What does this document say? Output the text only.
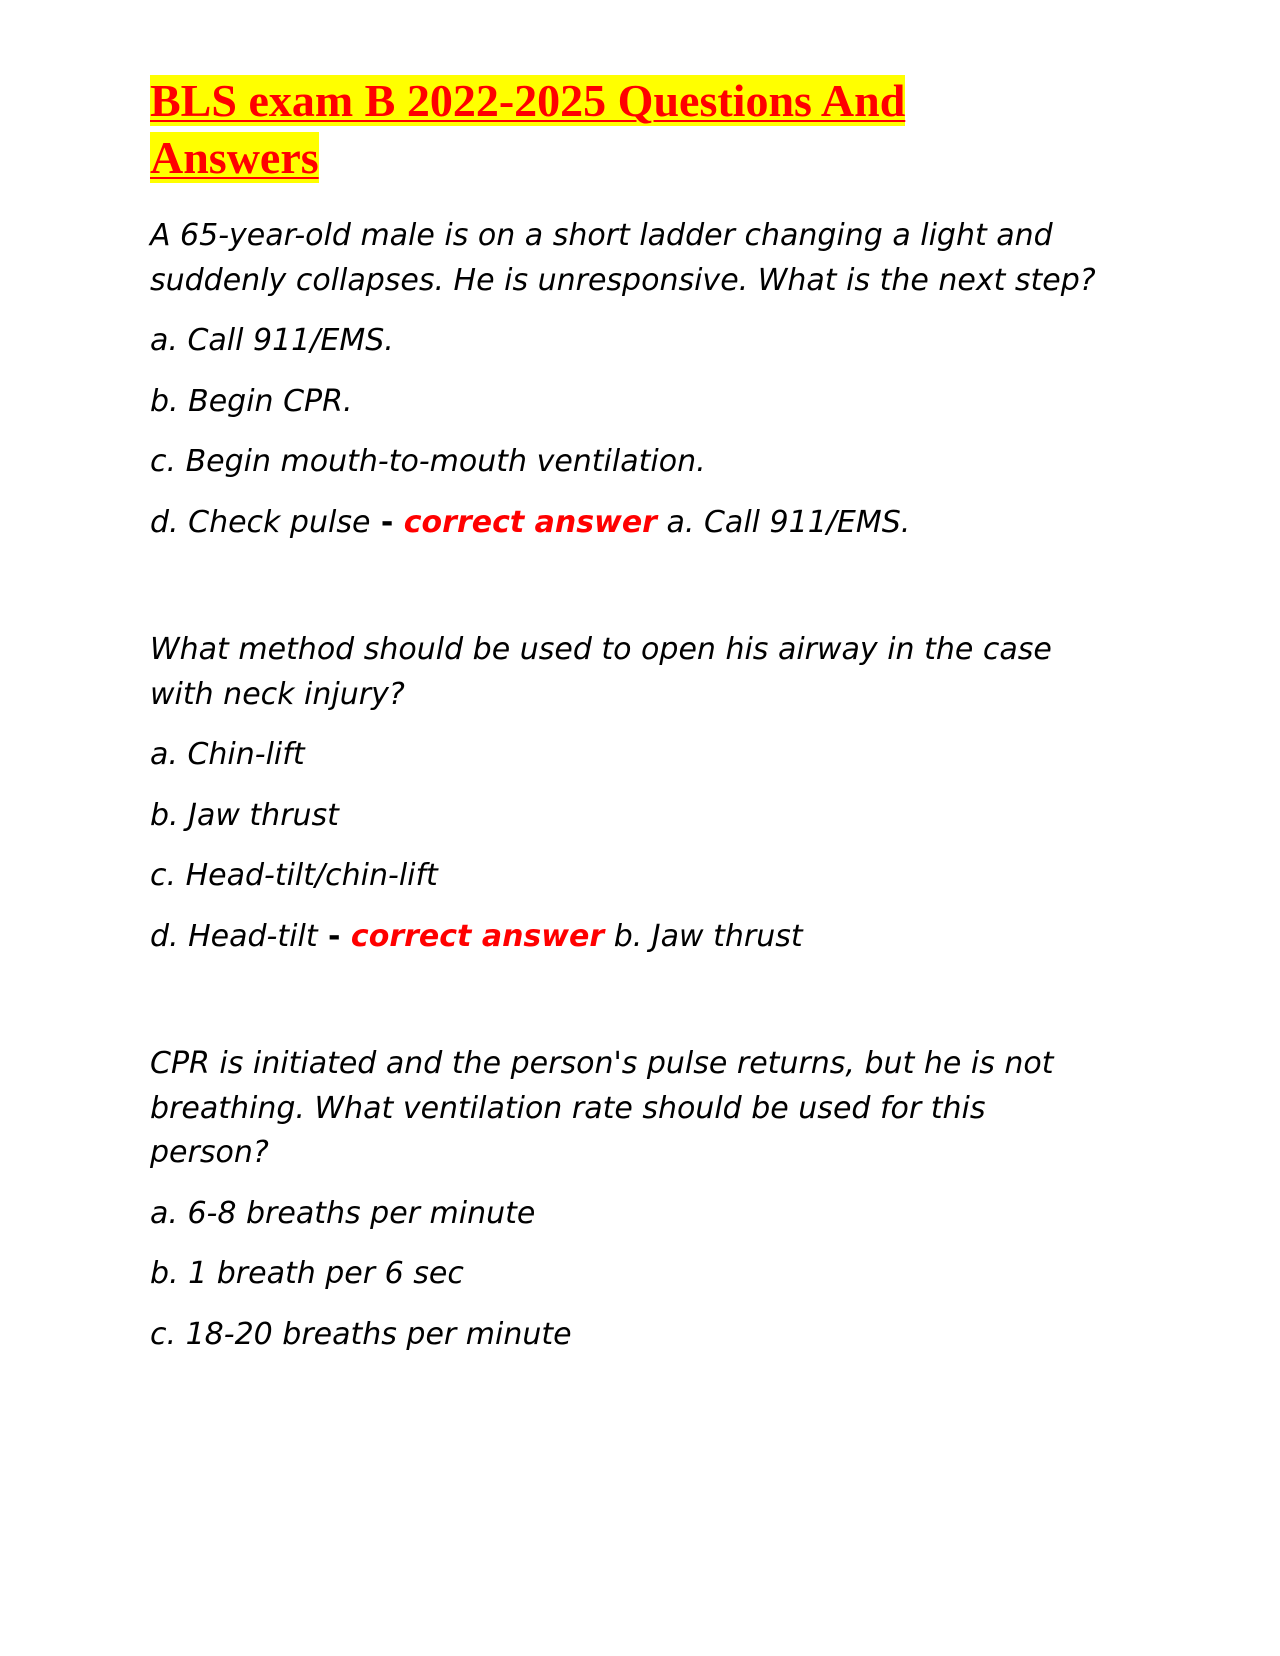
BLS exam B 2022-2025 Questions And
Answers

A 65-year-old male is on a short ladder changing a light and suddenly collapses. He is unresponsive. What is the next step?

a. Call 911/EMS.

b. Begin CPR.

c. Begin mouth-to-mouth ventilation.

d. Check pulse - correct answer a. Call 911/EMS.

What method should be used to open his airway in the case with neck injury?

a. Chin-lift

b. Jaw thrust

c. Head-tilt/chin-lift

d. Head-tilt - correct answer b. Jaw thrust

CPR is initiated and the person's pulse returns, but he is not breathing. What ventilation rate should be used for this person?

a. 6-8 breaths per minute

b. 1 breath per 6 sec

c. 18-20 breaths per minute
